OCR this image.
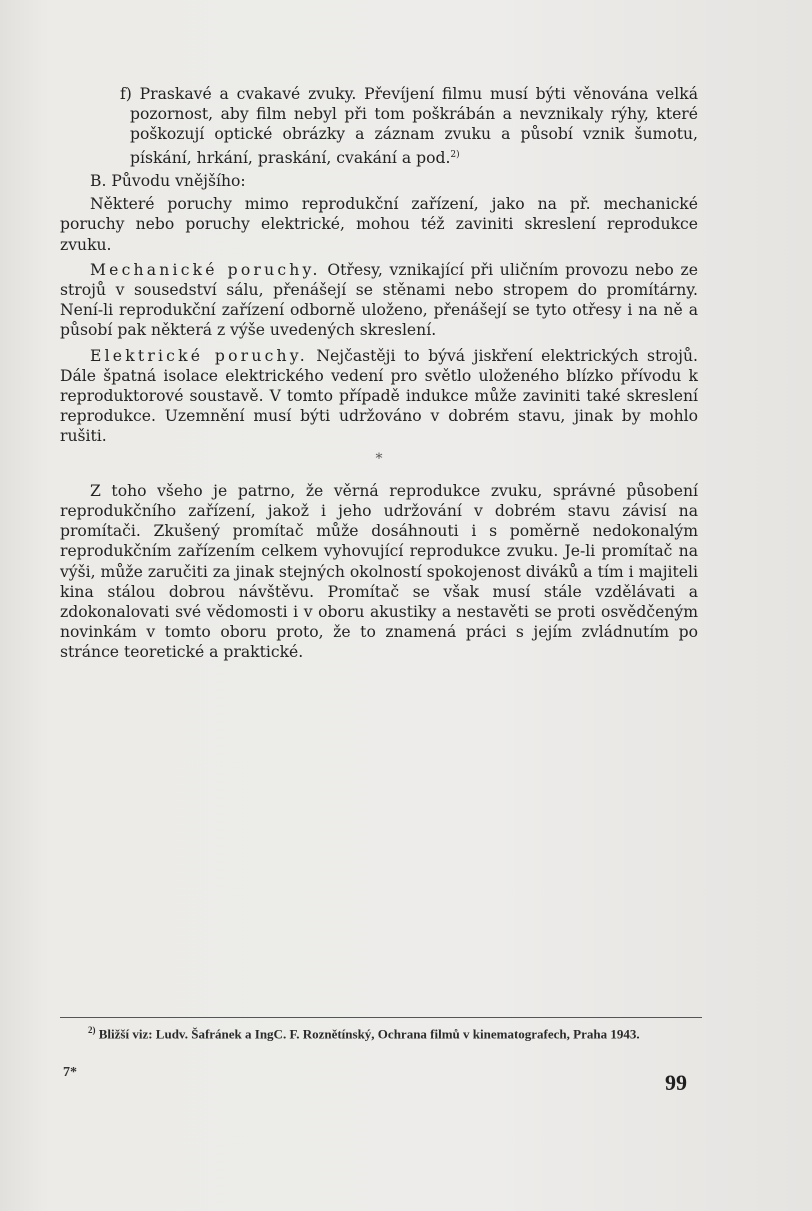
f) Praskavé a cvakavé zvuky. Převíjení filmu musí býti věnována velká pozornost, aby film nebyl při tom poškrábán a nevznikaly rýhy, které poškozují optické obrázky a záznam zvuku a působí vznik šumotu, pískání, hrkání, praskání, cvakání a pod.$^{2)}$

B. Původu vnějšího:

Některé poruchy mimo reprodukční zařízení, jako na př. mechanické poruchy nebo poruchy elektrické, mohou též zaviniti skreslení reprodukce zvuku.

Mechanické poruchy. Otřesy, vznikající při uličním provozu nebo ze strojů v sousedství sálu, přenášejí se stěnami nebo stropem do promítárny. Není-li reprodukční zařízení odborně uloženo, přenášejí se tyto otřesy i na ně a působí pak některá z výše uvedených skreslení.

Elektrické poruchy. Nejčastěji to bývá jiskření elektrických strojů. Dále špatná isolace elektrického vedení pro světlo uloženého blízko přívodu k reproduktorové soustavě. V tomto případě indukce může zaviniti také skreslení reprodukce. Uzemnění musí býti udržováno v dobrém stavu, jinak by mohlo rušiti.

*

Z toho všeho je patrno, že věrná reprodukce zvuku, správné působení reprodukčního zařízení, jakož i jeho udržování v dobrém stavu závisí na promítači. Zkušený promítač může dosáhnouti i s poměrně nedokonalým reprodukčním zařízením celkem vyhovující reprodukce zvuku. Je-li promítač na výši, může zaručiti za jinak stejných okolností spokojenost diváků a tím i majiteli kina stálou dobrou návštěvu. Promítač se však musí stále vzdělávati a zdokonalovati své vědomosti i v oboru akustiky a nestavěti se proti osvědčeným novinkám v tomto oboru proto, že to znamená práci s jejím zvládnutím po stránce teoretické a praktické.

$^{2)}$ Bližší viz: Ludv. Šafránek a IngC. F. Roznětínský, Ochrana filmů v kinematografech, Praha 1943.
7*	99
